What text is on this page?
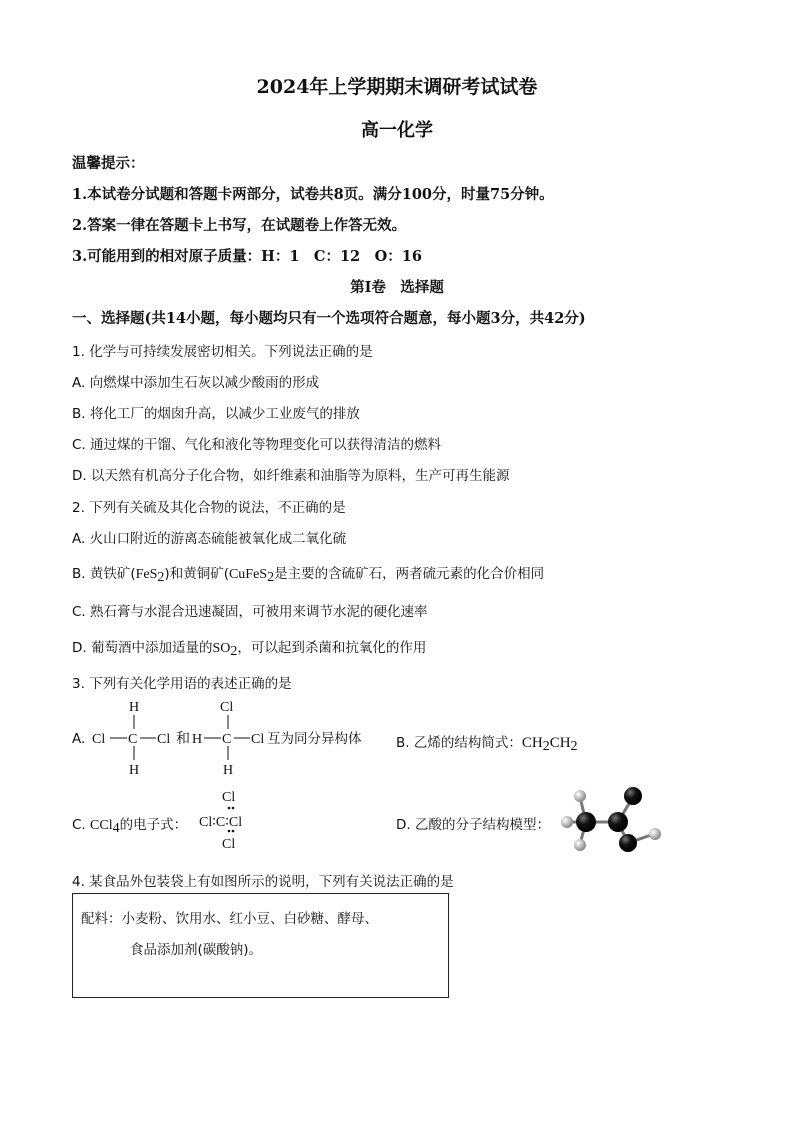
2024年上学期期末调研考试试卷
高一化学
温馨提示：
1.本试卷分试题和答题卡两部分，试卷共8页。满分100分，时量75分钟。
2.答案一律在答题卡上书写，在试题卷上作答无效。
3.可能用到的相对原子质量：H：1　C：12　O：16
第Ⅰ卷　选择题
一、选择题(共14小题，每小题均只有一个选项符合题意，每小题3分，共42分)
1. 化学与可持续发展密切相关。下列说法正确的是
A. 向燃煤中添加生石灰以减少酸雨的形成
B. 将化工厂的烟囱升高，以减少工业废气的排放
C. 通过煤的干馏、气化和液化等物理变化可以获得清洁的燃料
D. 以天然有机高分子化合物，如纤维素和油脂等为原料，生产可再生能源
2. 下列有关硫及其化合物的说法，不正确的是
A. 火山口附近的游离态硫能被氧化成二氧化硫
B. 黄铁矿(FeS2)和黄铜矿(CuFeS2是主要的含硫矿石，两者硫元素的化合价相同
C. 熟石膏与水混合迅速凝固，可被用来调节水泥的硬化速率
D. 葡萄酒中添加适量的SO2，可以起到杀菌和抗氧化的作用
3. 下列有关化学用语的表述正确的是
A. Cl C Cl
H
H
和 H C Cl
Cl
H
互为同分异构体	B. 乙烯的结构简式：CH2CH2
C. CCl4的电子式：
Cl
Cl∶C∶Cl
Cl
D. 乙酸的分子结构模型：
4. 某食品外包装袋上有如图所示的说明，下列有关说法正确的是
配料：小麦粉、饮用水、红小豆、白砂糖、酵母、
食品添加剂(碳酸钠)。
